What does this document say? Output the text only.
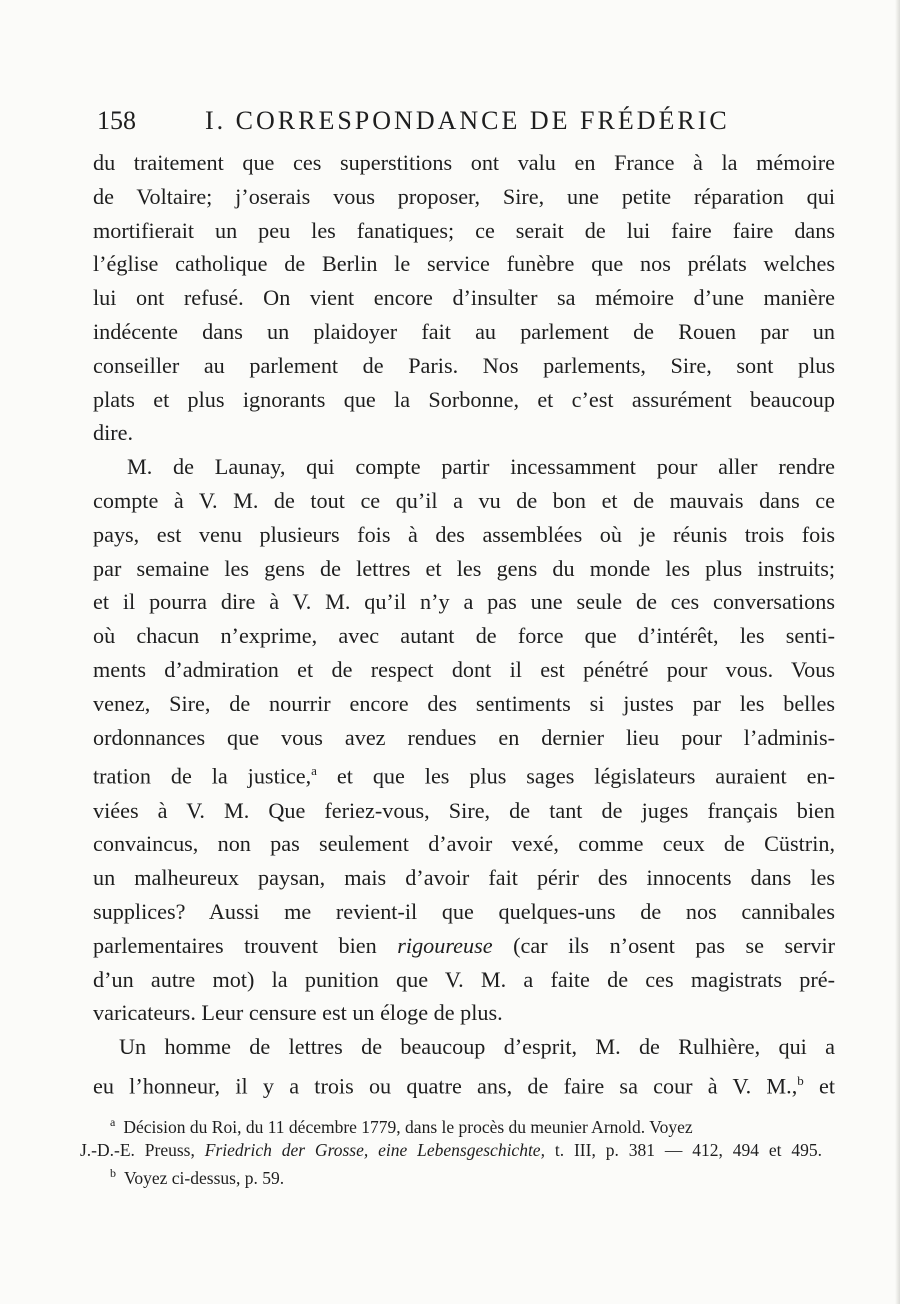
158	I. CORRESPONDANCE DE FRÉDÉRIC
du traitement que ces superstitions ont valu en France à la mémoire
de Voltaire; j’oserais vous proposer, Sire, une petite réparation qui
mortifierait un peu les fanatiques; ce serait de lui faire faire dans
l’église catholique de Berlin le service funèbre que nos prélats welches
lui ont refusé. On vient encore d’insulter sa mémoire d’une manière
indécente dans un plaidoyer fait au parlement de Rouen par un
conseiller au parlement de Paris. Nos parlements, Sire, sont plus
plats et plus ignorants que la Sorbonne, et c’est assurément beaucoup
dire.
M. de Launay, qui compte partir incessamment pour aller rendre
compte à V. M. de tout ce qu’il a vu de bon et de mauvais dans ce
pays, est venu plusieurs fois à des assemblées où je réunis trois fois
par semaine les gens de lettres et les gens du monde les plus instruits;
et il pourra dire à V. M. qu’il n’y a pas une seule de ces conversations
où chacun n’exprime, avec autant de force que d’intérêt, les senti-
ments d’admiration et de respect dont il est pénétré pour vous. Vous
venez, Sire, de nourrir encore des sentiments si justes par les belles
ordonnances que vous avez rendues en dernier lieu pour l’adminis-
tration de la justice,$^a$ et que les plus sages législateurs auraient en-
viées à V. M. Que feriez-vous, Sire, de tant de juges français bien
convaincus, non pas seulement d’avoir vexé, comme ceux de Cüstrin,
un malheureux paysan, mais d’avoir fait périr des innocents dans les
supplices? Aussi me revient-il que quelques-uns de nos cannibales
parlementaires trouvent bien rigoureuse (car ils n’osent pas se servir
d’un autre mot) la punition que V. M. a faite de ces magistrats pré-
varicateurs. Leur censure est un éloge de plus.
Un homme de lettres de beaucoup d’esprit, M. de Rulhière, qui a
eu l’honneur, il y a trois ou quatre ans, de faire sa cour à V. M.,$^b$ et
$^a$ Décision du Roi, du 11 décembre 1779, dans le procès du meunier Arnold. Voyez
J.-D.-E. Preuss, Friedrich der Grosse, eine Lebensgeschichte, t. III, p. 381 — 412, 494 et 495.
$^b$ Voyez ci-dessus, p. 59.
